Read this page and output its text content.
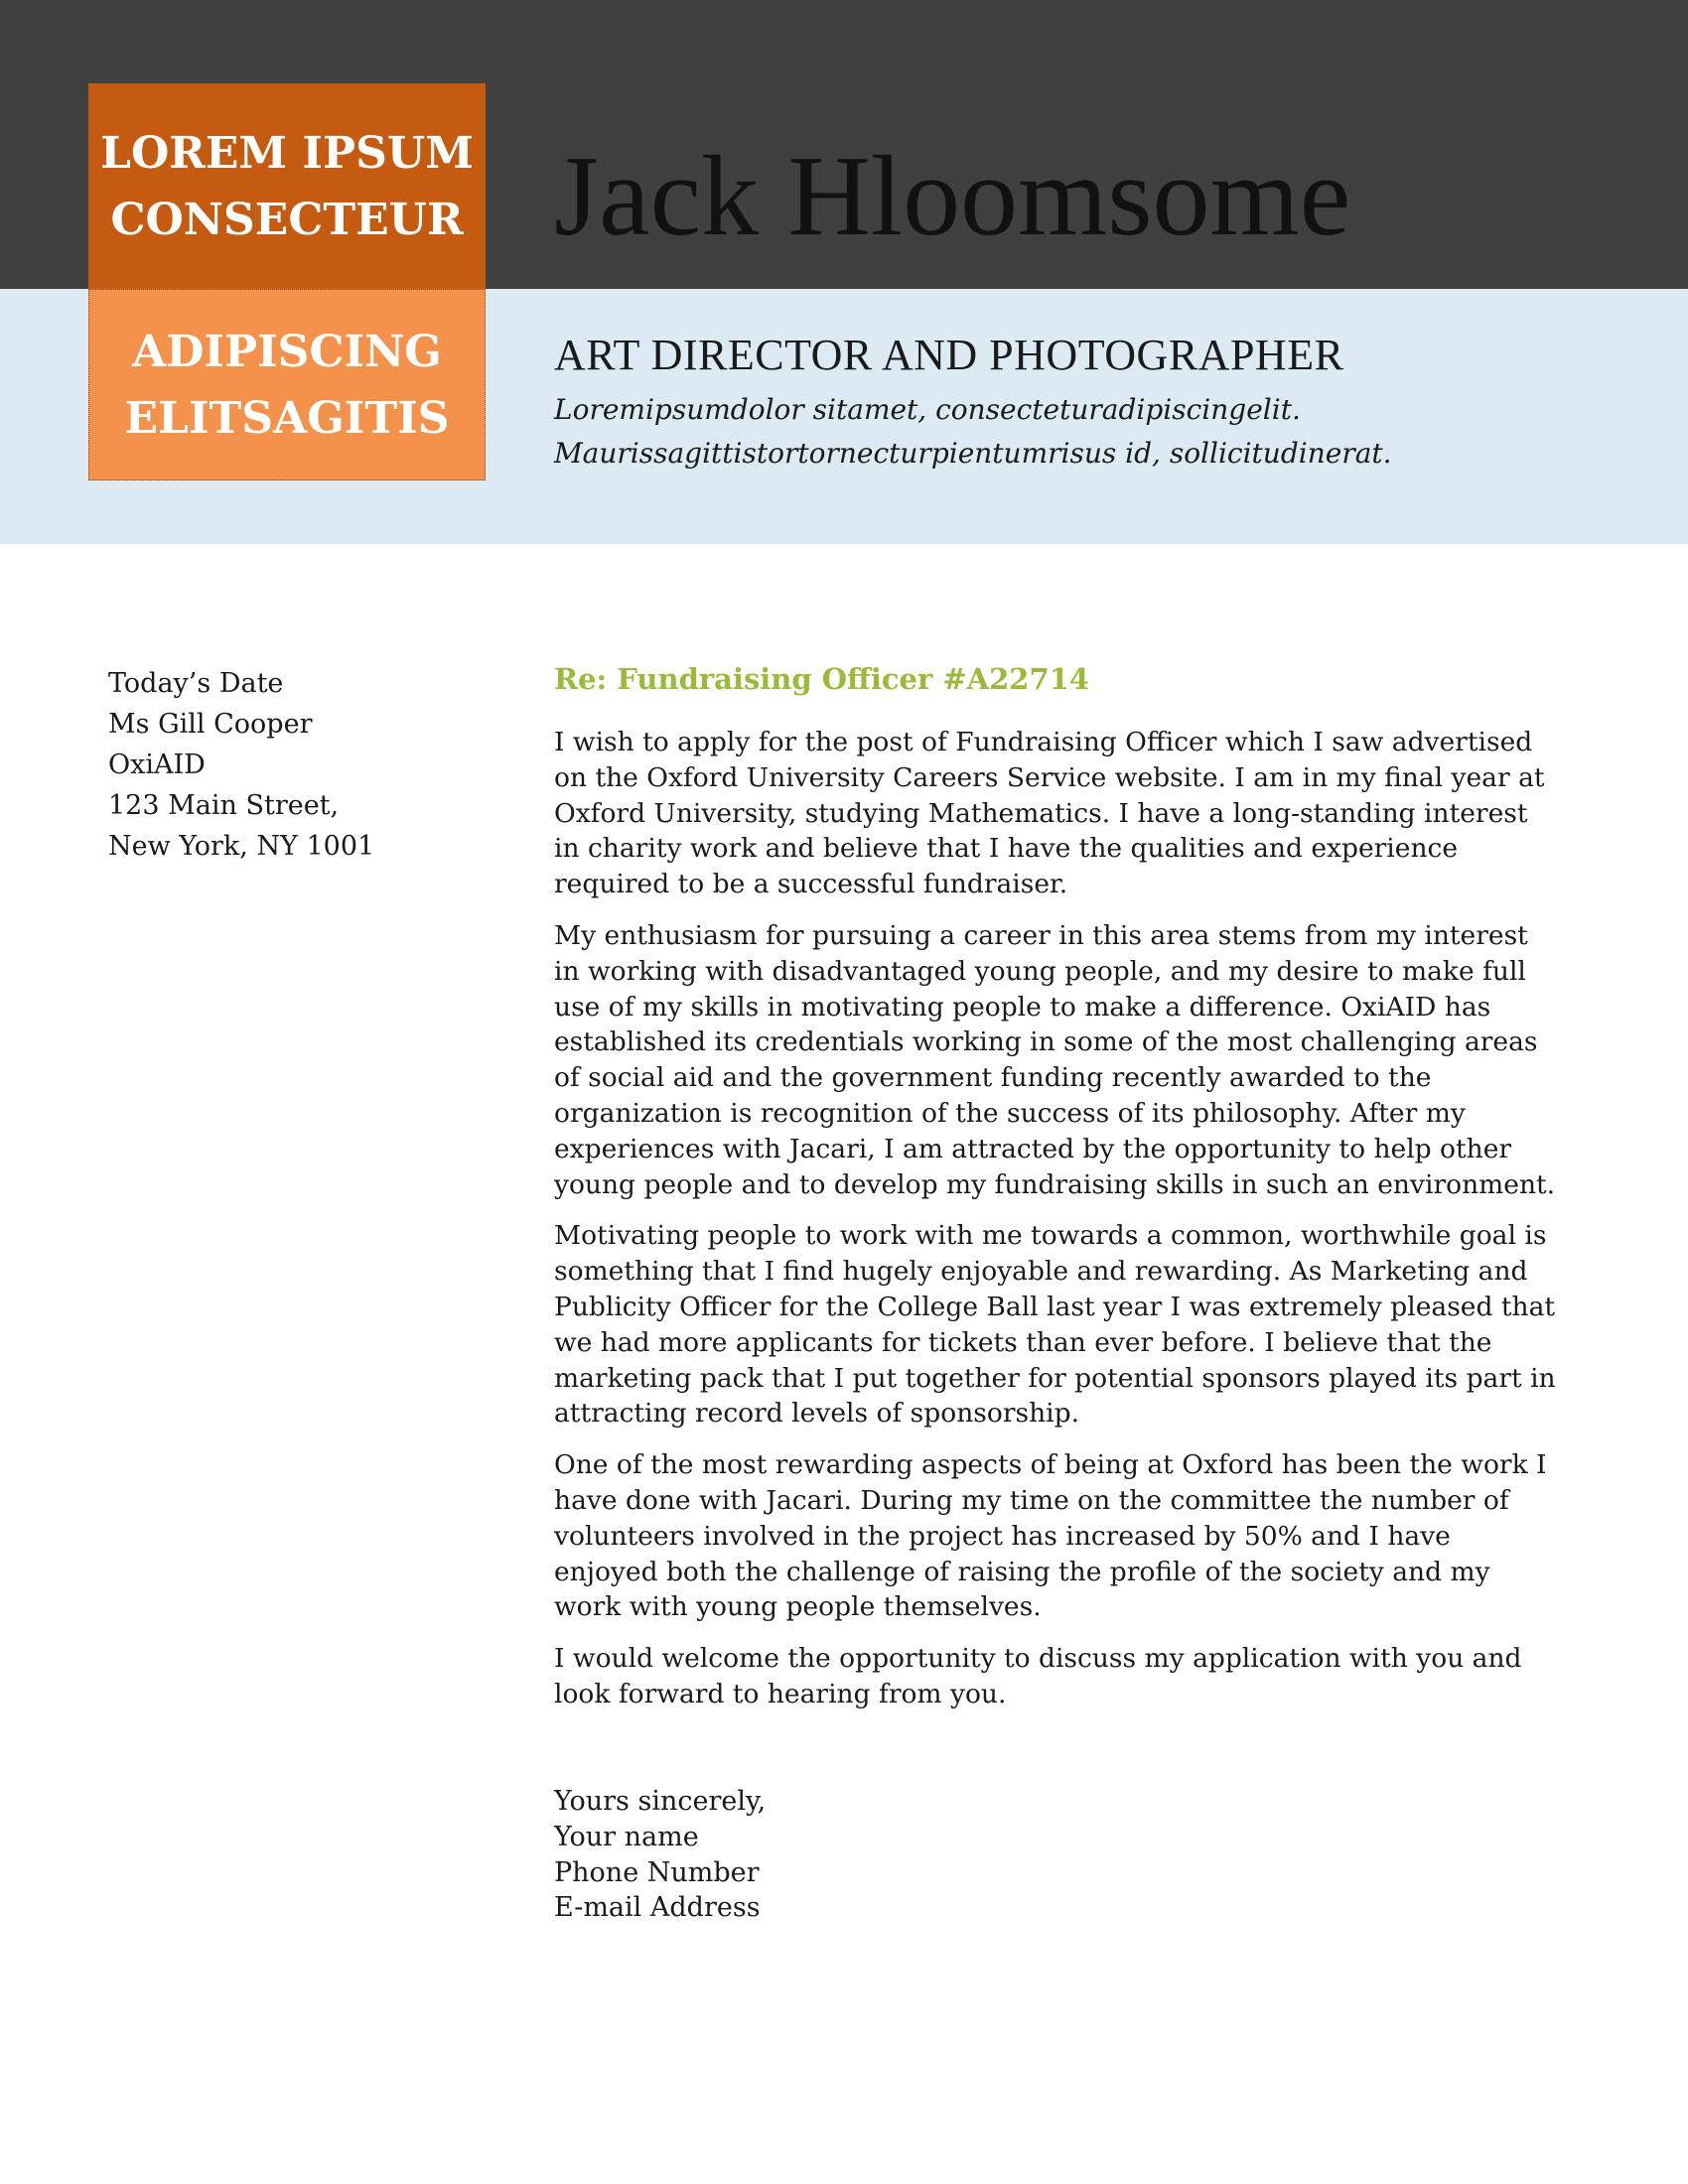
LOREM IPSUM
CONSECTEUR
ADIPISCING
ELITSAGITIS
Jack Hloomsome
ART DIRECTOR AND PHOTOGRAPHER
Loremipsumdolor sitamet, consecteturadipiscingelit.
Maurissagittistortornecturpientumrisus id, sollicitudinerat.
Today’s Date
Ms Gill Cooper
OxiAID
123 Main Street,
New York, NY 1001
Re: Fundraising Officer #A22714

I wish to apply for the post of Fundraising Officer which I saw advertised on the Oxford University Careers Service website. I am in my final year at Oxford University, studying Mathematics. I have a long-standing interest in charity work and believe that I have the qualities and experience required to be a successful fundraiser.

My enthusiasm for pursuing a career in this area stems from my interest in working with disadvantaged young people, and my desire to make full use of my skills in motivating people to make a difference. OxiAID has established its credentials working in some of the most challenging areas of social aid and the government funding recently awarded to the organization is recognition of the success of its philosophy. After my experiences with Jacari, I am attracted by the opportunity to help other young people and to develop my fundraising skills in such an environment.

Motivating people to work with me towards a common, worthwhile goal is something that I find hugely enjoyable and rewarding. As Marketing and Publicity Officer for the College Ball last year I was extremely pleased that we had more applicants for tickets than ever before. I believe that the marketing pack that I put together for potential sponsors played its part in attracting record levels of sponsorship.

One of the most rewarding aspects of being at Oxford has been the work I have done with Jacari. During my time on the committee the number of volunteers involved in the project has increased by 50% and I have enjoyed both the challenge of raising the profile of the society and my work with young people themselves.

I would welcome the opportunity to discuss my application with you and look forward to hearing from you.

Yours sincerely,
Your name
Phone Number
E-mail Address
